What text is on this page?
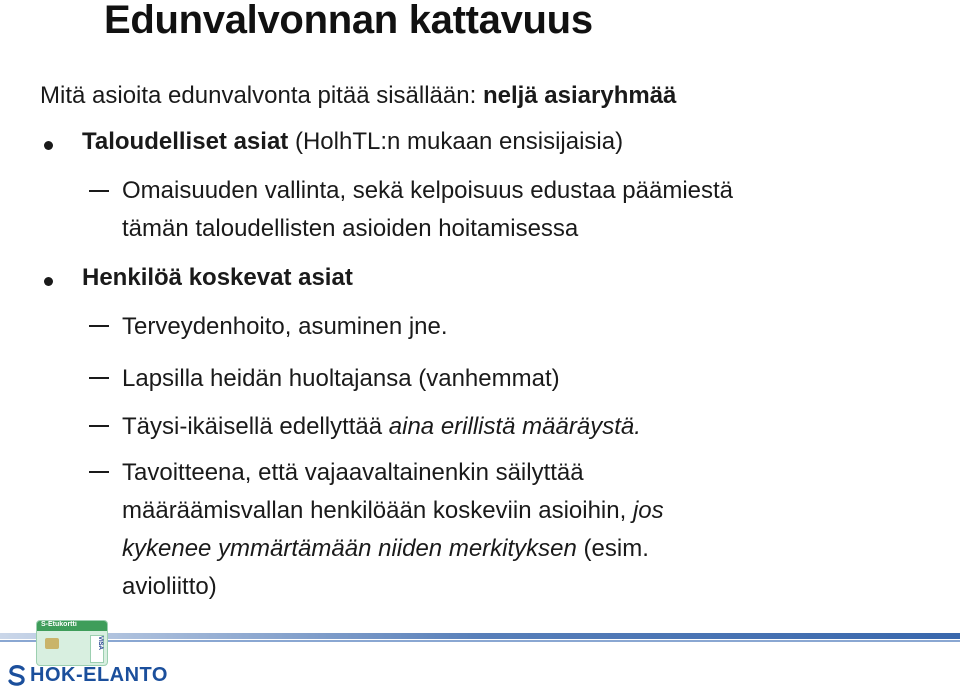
Edunvalvonnan kattavuus
Mitä asioita edunvalvonta pitää sisällään: neljä asiaryhmää
Taloudelliset asiat (HolhTL:n mukaan ensisijaisia)
Omaisuuden vallinta, sekä kelpoisuus edustaa päämiestä
tämän taloudellisten asioiden hoitamisessa
Henkilöä koskevat asiat
Terveydenhoito, asuminen jne.
Lapsilla heidän huoltajansa (vanhemmat)
Täysi-ikäisellä edellyttää aina erillistä määräystä.
Tavoitteena, että vajaavaltainenkin säilyttää
määräämisvallan henkilöään koskeviin asioihin, jos
kykenee ymmärtämään niiden merkityksen (esim.
avioliitto)
S-Etukortti
VISA
HOK-ELANTO
